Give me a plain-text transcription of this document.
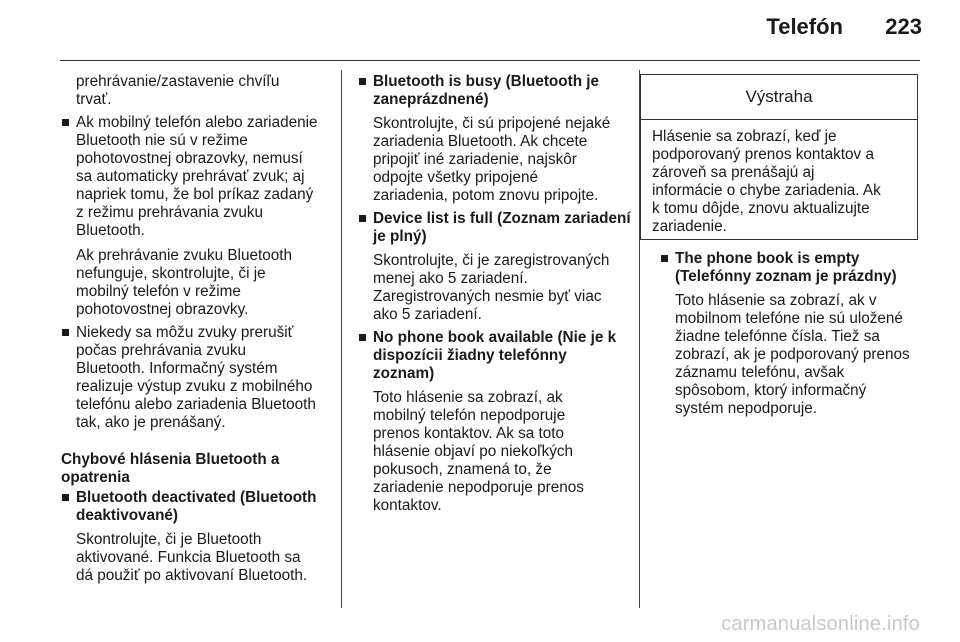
Telefón 223

prehrávanie/zastavenie chvíľu
trvať.

Ak mobilný telefón alebo zariadenie
Bluetooth nie sú v režime
pohotovostnej obrazovky, nemusí
sa automaticky prehrávať zvuk; aj
napriek tomu, že bol príkaz zadaný
z režimu prehrávania zvuku
Bluetooth.

Ak prehrávanie zvuku Bluetooth
nefunguje, skontrolujte, či je
mobilný telefón v režime
pohotovostnej obrazovky.

Niekedy sa môžu zvuky prerušiť
počas prehrávania zvuku
Bluetooth. Informačný systém
realizuje výstup zvuku z mobilného
telefónu alebo zariadenia Bluetooth
tak, ako je prenášaný.

Chybové hlásenia Bluetooth a
opatrenia

Bluetooth deactivated (Bluetooth
deaktivované)

Skontrolujte, či je Bluetooth
aktivované. Funkcia Bluetooth sa
dá použiť po aktivovaní Bluetooth.

Bluetooth is busy (Bluetooth je
zaneprázdnené)

Skontrolujte, či sú pripojené nejaké
zariadenia Bluetooth. Ak chcete
pripojiť iné zariadenie, najskôr
odpojte všetky pripojené
zariadenia, potom znovu pripojte.

Device list is full (Zoznam zariadení
je plný)

Skontrolujte, či je zaregistrovaných
menej ako 5 zariadení.
Zaregistrovaných nesmie byť viac
ako 5 zariadení.

No phone book available (Nie je k
dispozícii žiadny telefónny
zoznam)

Toto hlásenie sa zobrazí, ak
mobilný telefón nepodporuje
prenos kontaktov. Ak sa toto
hlásenie objaví po niekoľkých
pokusoch, znamená to, že
zariadenie nepodporuje prenos
kontaktov.

Výstraha
Hlásenie sa zobrazí, keď je
podporovaný prenos kontaktov a
zároveň sa prenášajú aj
informácie o chybe zariadenia. Ak
k tomu dôjde, znovu aktualizujte
zariadenie.
The phone book is empty
(Telefónny zoznam je prázdny)

Toto hlásenie sa zobrazí, ak v
mobilnom telefóne nie sú uložené
žiadne telefónne čísla. Tiež sa
zobrazí, ak je podporovaný prenos
záznamu telefónu, avšak
spôsobom, ktorý informačný
systém nepodporuje.

carmanualsonline.info
